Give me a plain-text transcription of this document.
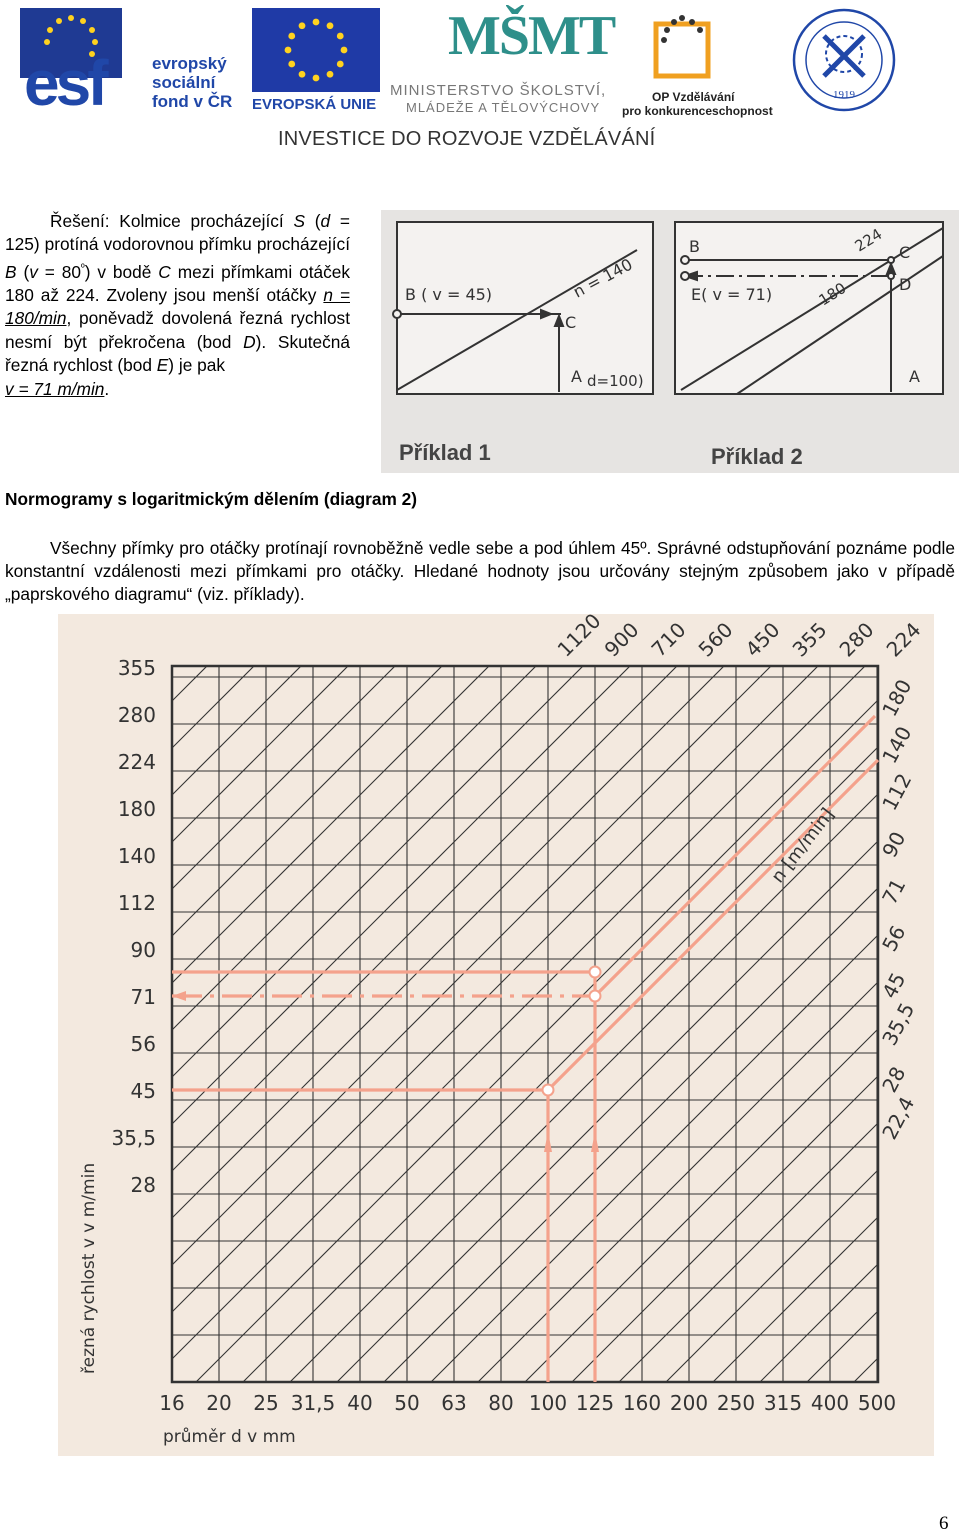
esf	evropský
sociální
fond v ČR EVROPSKÁ UNIE
MŠMT
MINISTERSTVO ŠKOLSTVÍ,
MLÁDEŽE A TĚLOVÝCHOVY
OP Vzdělávání
pro konkurenceschopnost
1919
INVESTICE DO ROZVOJE VZDĚLÁVÁNÍ
Řešení: Kolmice procházející S (d = 125) protíná vodorovnou přímku procházející B $(v = 80^º)$ v bodě C mezi přímkami otáček 180 až 224. Zvoleny jsou menší otáčky n = 180/min, poněvadž dovolená řezná rychlost nesmí být překročena (bod D). Skutečná řezná rychlost (bod E) je pak
v = 71 m/min.
B ( v = 45)	n = 140
C
A d=100)
Příklad 1
B
E( v = 71)
224
180
C
D
A
Příklad 2
Normogramy s logaritmickým dělením (diagram 2)
Všechny přímky pro otáčky protínají rovnoběžně vedle sebe a pod úhlem 45º. Správné odstupňování poznáme podle konstantní vzdálenosti mezi přímkami pro otáčky. Hledané hodnoty jsou určovány stejným způsobem jako v případě „paprskového diagramu“ (viz. příklady).
16 20 25 31,5 40 50 63 80 100 125 160 200 250 315 400 500
průměr d v mm
28
35,5
45
56
71
90
112
140
180
224
280
355
řezná rychlost v v m/min
1120
900 710 560 450 355 280 224
180
140
112
90
71
56
45
35,5
28
22,4
n [m/min]
6
